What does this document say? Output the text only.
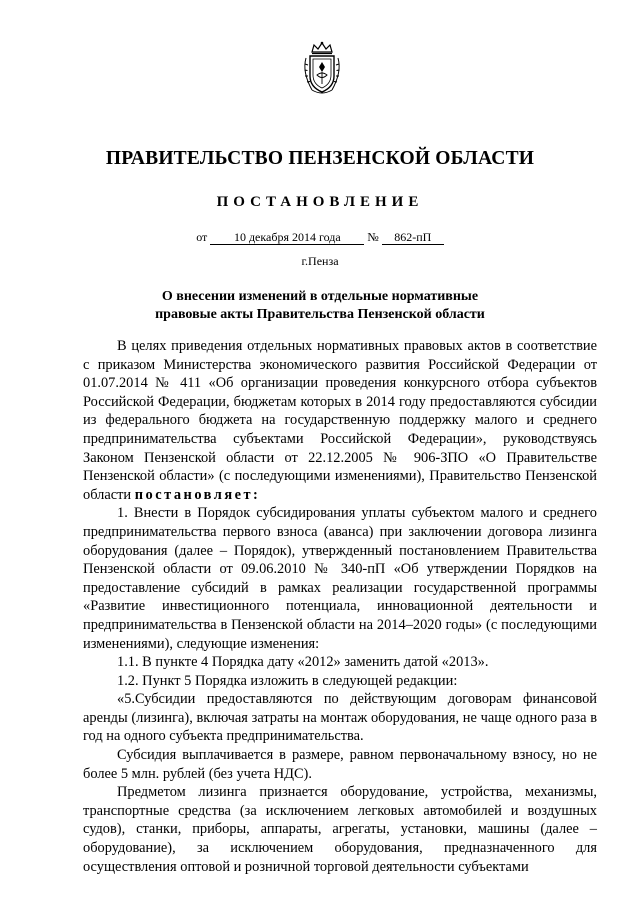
ПРАВИТЕЛЬСТВО ПЕНЗЕНСКОЙ ОБЛАСТИ
ПОСТАНОВЛЕНИЕ
от 10 декабря 2014 года № 862-пП
г.Пенза
О внесении изменений в отдельные нормативные
правовые акты Правительства Пензенской области

В целях приведения отдельных нормативных правовых актов в соответствие с приказом Министерства экономического развития Российской Федерации от 01.07.2014 № 411 «Об организации проведения конкурсного отбора субъектов Российской Федерации, бюджетам которых в 2014 году предоставляются субсидии из федерального бюджета на государственную поддержку малого и среднего предпринимательства субъектами Российской Федерации», руководствуясь Законом Пензенской области от 22.12.2005 № 906-ЗПО «О Правительстве Пензенской области» (с последующими изменениями), Правительство Пензенской области постановляет:

1. Внести в Порядок субсидирования уплаты субъектом малого и среднего предпринимательства первого взноса (аванса) при заключении договора лизинга оборудования (далее – Порядок), утвержденный постановлением Правительства Пензенской области от 09.06.2010 № 340-пП «Об утверждении Порядков на предоставление субсидий в рамках реализации государственной программы «Развитие инвестиционного потенциала, инновационной деятельности и предпринимательства в Пензенской области на 2014–2020 годы» (с последующими изменениями), следующие изменения:

1.1. В пункте 4 Порядка дату «2012» заменить датой «2013».

1.2. Пункт 5 Порядка изложить в следующей редакции:

«5.Субсидии предоставляются по действующим договорам финансовой аренды (лизинга), включая затраты на монтаж оборудования, не чаще одного раза в год на одного субъекта предпринимательства.

Субсидия выплачивается в размере, равном первоначальному взносу, но не более 5 млн. рублей (без учета НДС).

Предметом лизинга признается оборудование, устройства, механизмы, транспортные средства (за исключением легковых автомобилей и воздушных судов), станки, приборы, аппараты, агрегаты, установки, машины (далее – оборудование), за исключением оборудования, предназначенного для осуществления оптовой и розничной торговой деятельности субъектами
